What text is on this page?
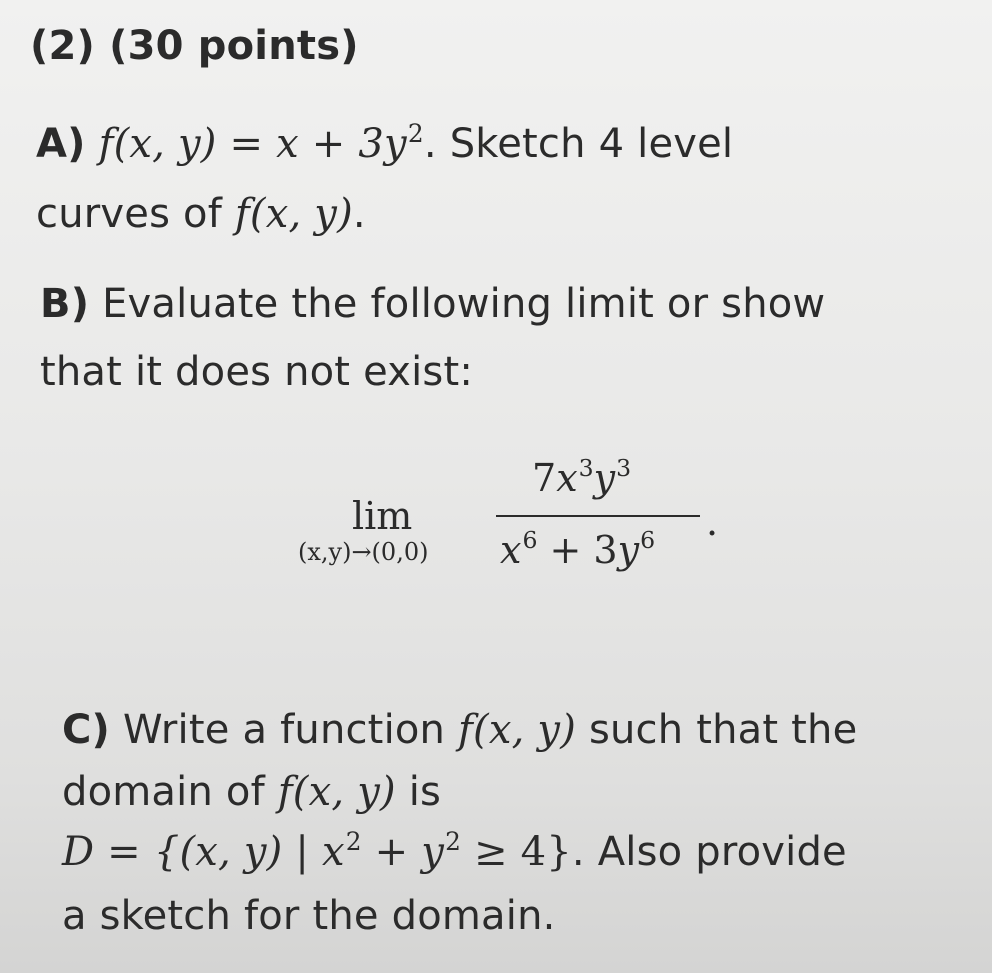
(2) (30 points)
A) f(x, $y) = x + 3y^2$. Sketch 4 level
curves of f(x, y).
B) Evaluate the following limit or show
that it does not exist:
lim
(x,y)→(0,0)
$7x^3y^3$
$x^6 + 3y^6$ .
C) Write a function f(x, y) such that the
domain of f(x, y) is
D = {(x, y) | $x^2 + y^2 \ge 4$}. Also provide
a sketch for the domain.
